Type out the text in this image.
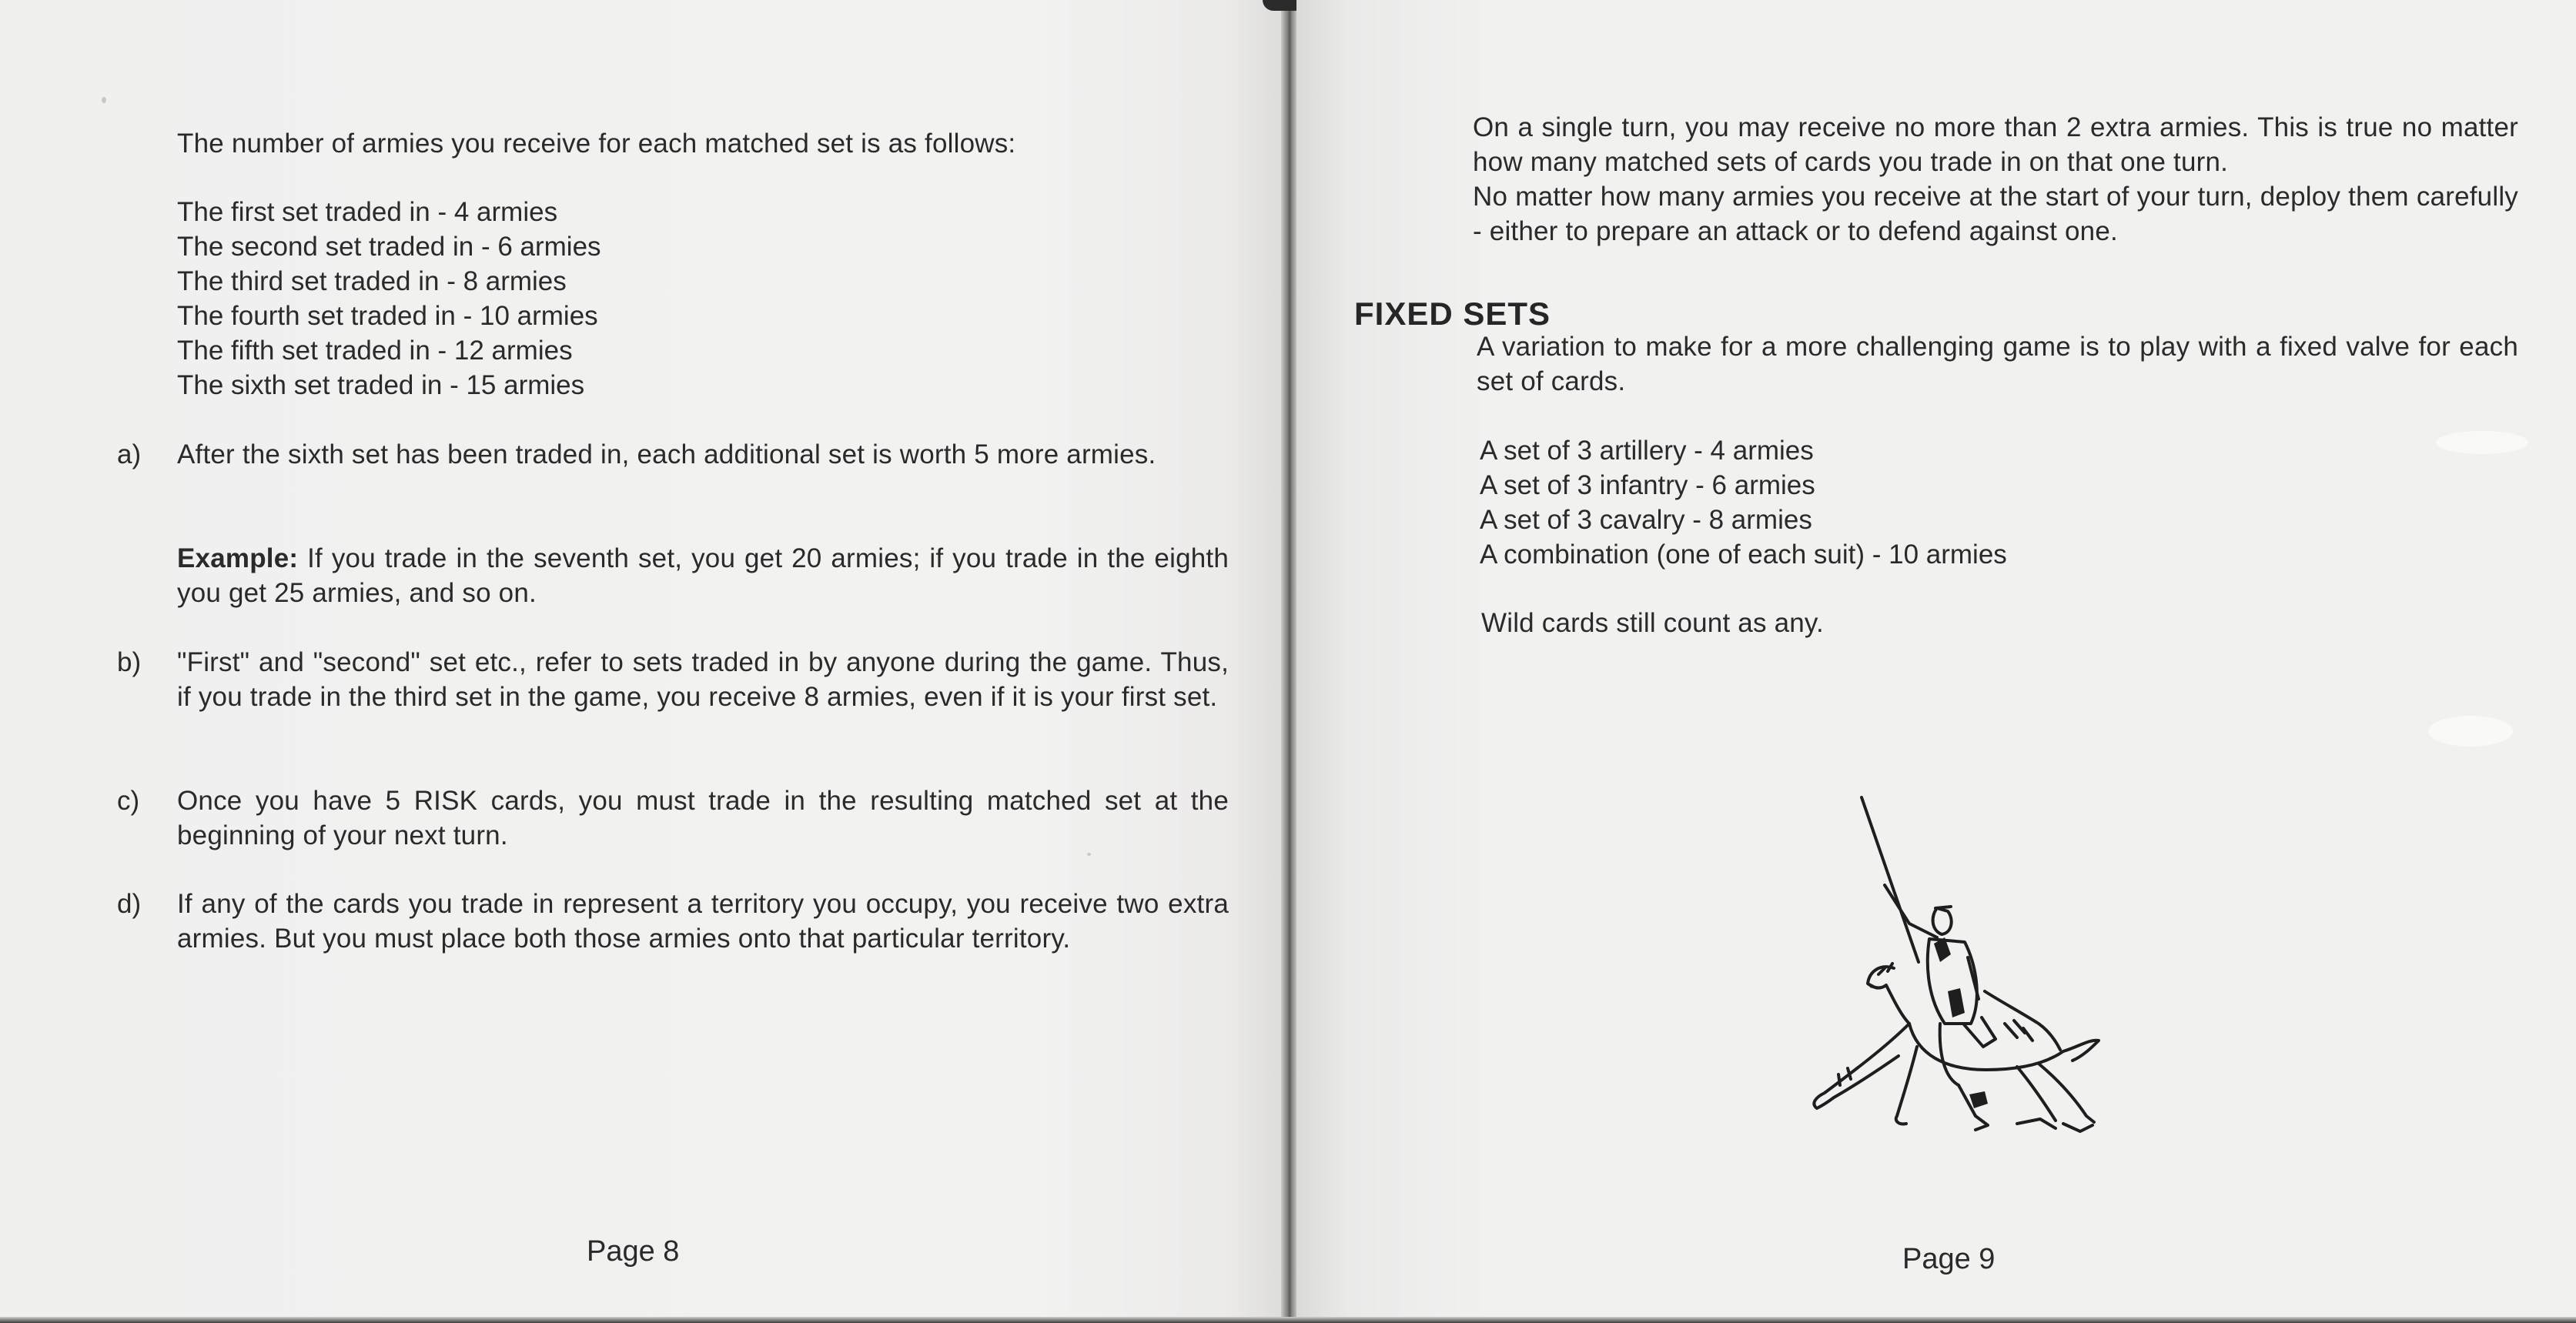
The number of armies you receive for each matched set is as follows:

The first set traded in - 4 armies
The second set traded in - 6 armies
The third set traded in - 8 armies
The fourth set traded in - 10 armies
The fifth set traded in - 12 armies
The sixth set traded in - 15 armies
a) After the sixth set has been traded in, each additional set is worth 5 more armies.

Example: If you trade in the seventh set, you get 20 armies; if you trade in the eighth you get 25 armies, and so on.

b) "First" and "second" set etc., refer to sets traded in by anyone during the game. Thus, if you trade in the third set in the game, you receive 8 armies, even if it is your first set.

c) Once you have 5 RISK cards, you must trade in the resulting matched set at the beginning of your next turn.

d) If any of the cards you trade in represent a territory you occupy, you receive two extra armies. But you must place both those armies onto that particular territory.

Page 8

On a single turn, you may receive no more than 2 extra armies. This is true no matter how many matched sets of cards you trade in on that one turn.

No matter how many armies you receive at the start of your turn, deploy them carefully - either to prepare an attack or to defend against one.

FIXED SETS

A variation to make for a more challenging game is to play with a fixed valve for each set of cards.

A set of 3 artillery - 4 armies
A set of 3 infantry - 6 armies
A set of 3 cavalry - 8 armies
A combination (one of each suit) - 10 armies

Wild cards still count as any.

Page 9
